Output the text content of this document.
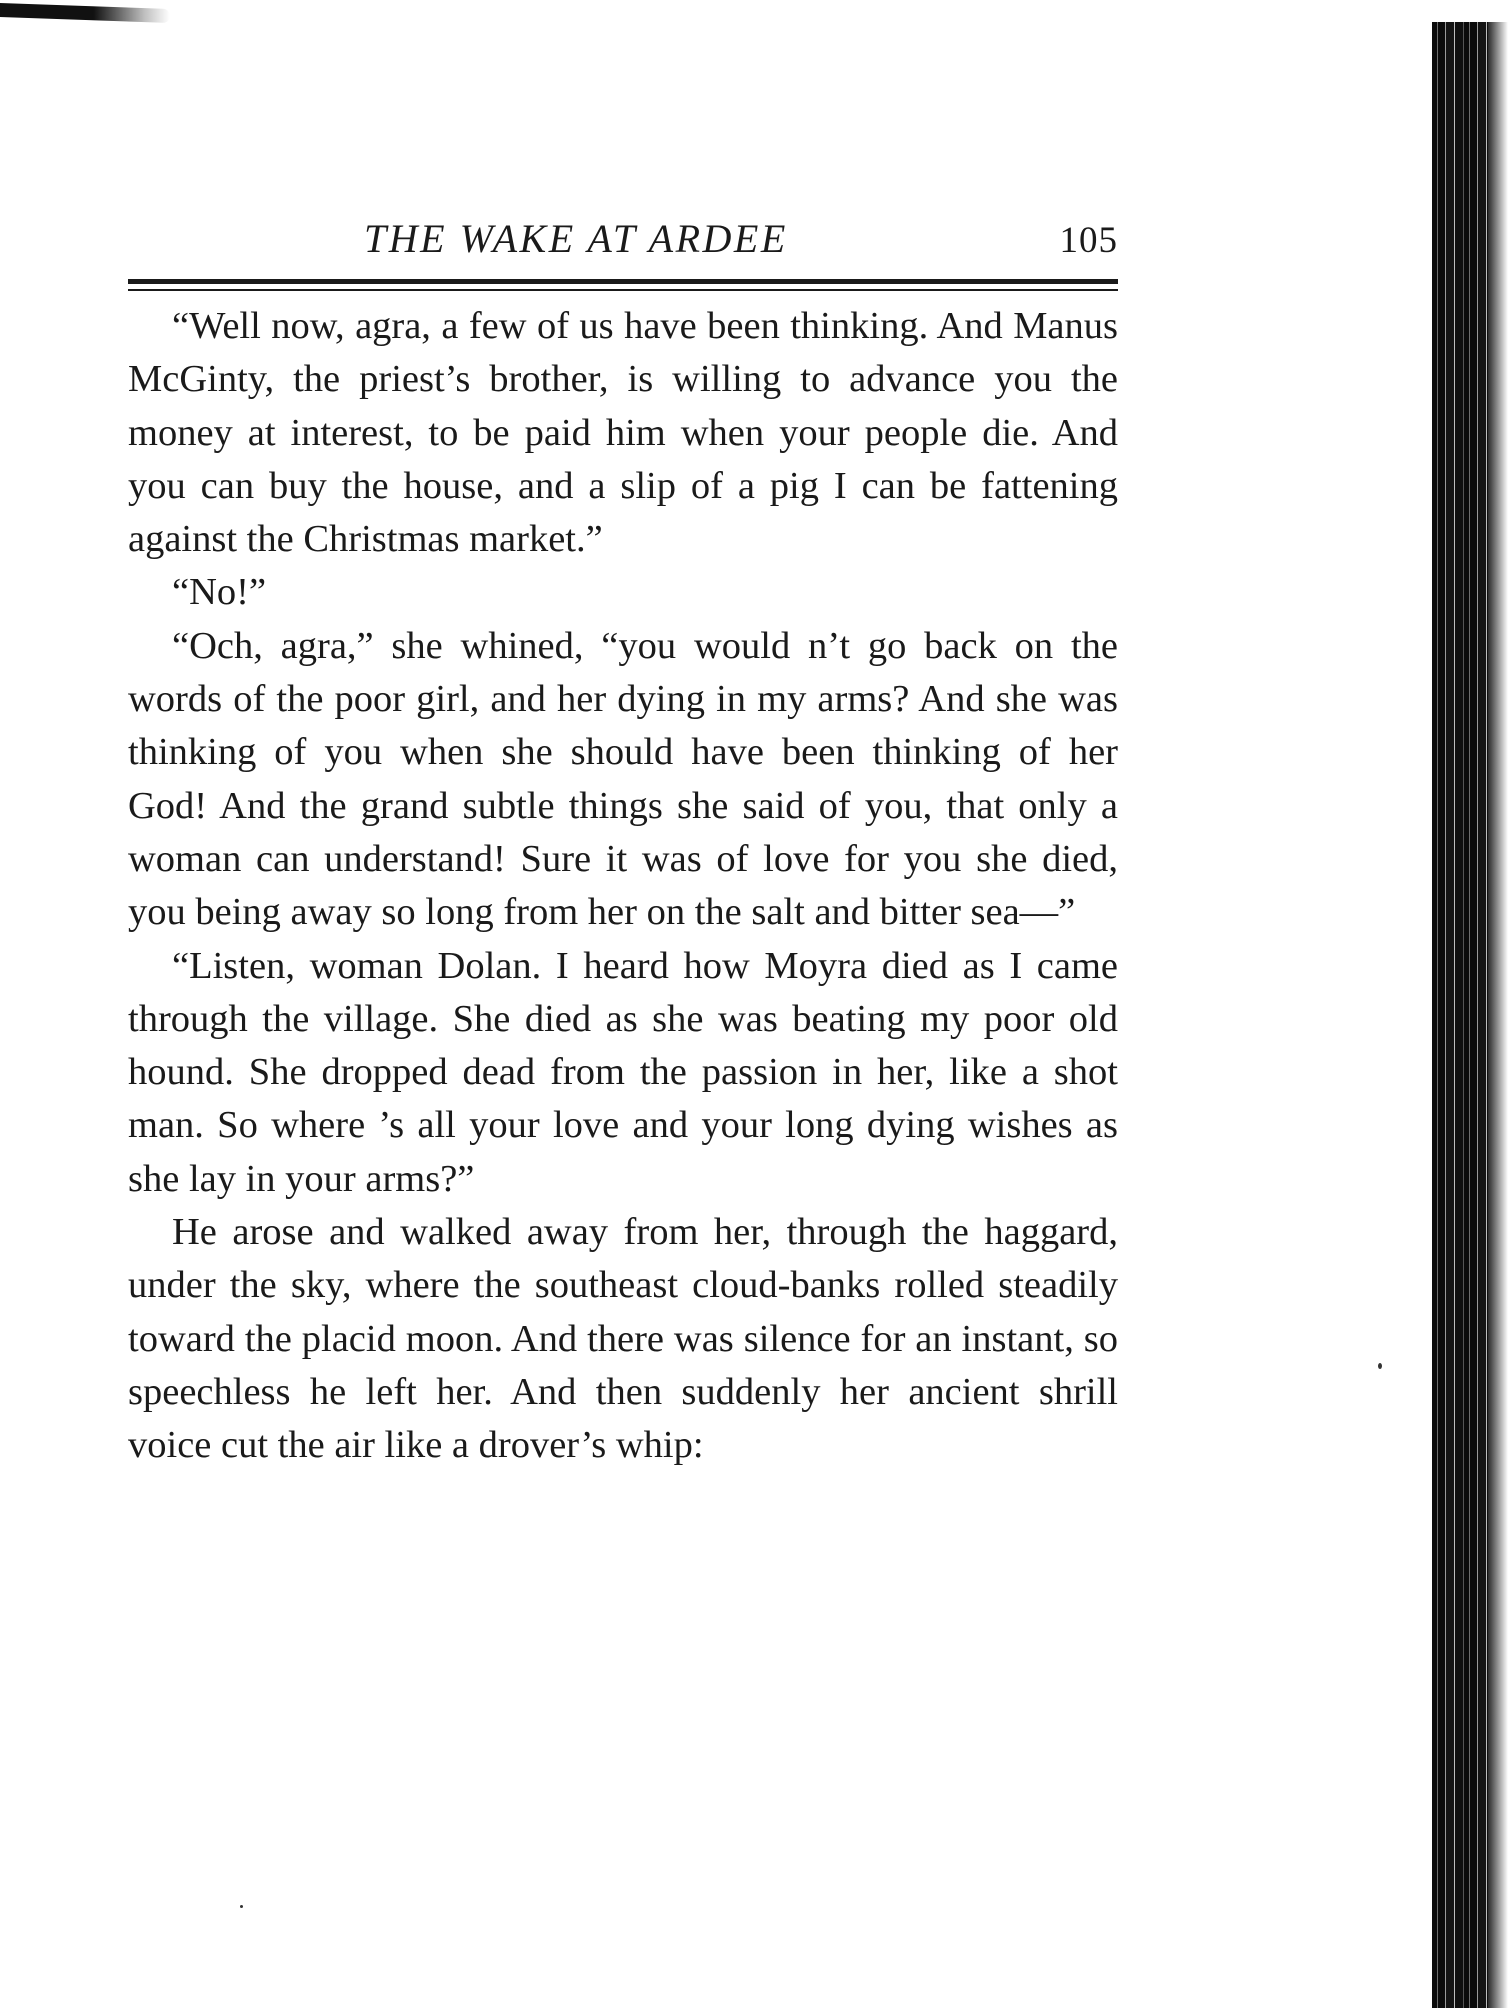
THE WAKE AT ARDEE	105

“Well now, agra, a few of us have been thinking. And Manus McGinty, the priest’s brother, is willing to advance you the money at interest, to be paid him when your people die. And you can buy the house, and a slip of a pig I can be fattening against the Christmas market.”

“No!”

“Och, agra,” she whined, “you would n’t go back on the words of the poor girl, and her dying in my arms? And she was thinking of you when she should have been thinking of her God! And the grand subtle things she said of you, that only a woman can understand! Sure it was of love for you she died, you being away so long from her on the salt and bitter sea—”

“Listen, woman Dolan. I heard how Moyra died as I came through the village. She died as she was beating my poor old hound. She dropped dead from the passion in her, like a shot man. So where ’s all your love and your long dying wishes as she lay in your arms?”

He arose and walked away from her, through the haggard, under the sky, where the southeast cloud-banks rolled steadily toward the placid moon. And there was silence for an instant, so speechless he left her. And then suddenly her ancient shrill voice cut the air like a drover’s whip:
